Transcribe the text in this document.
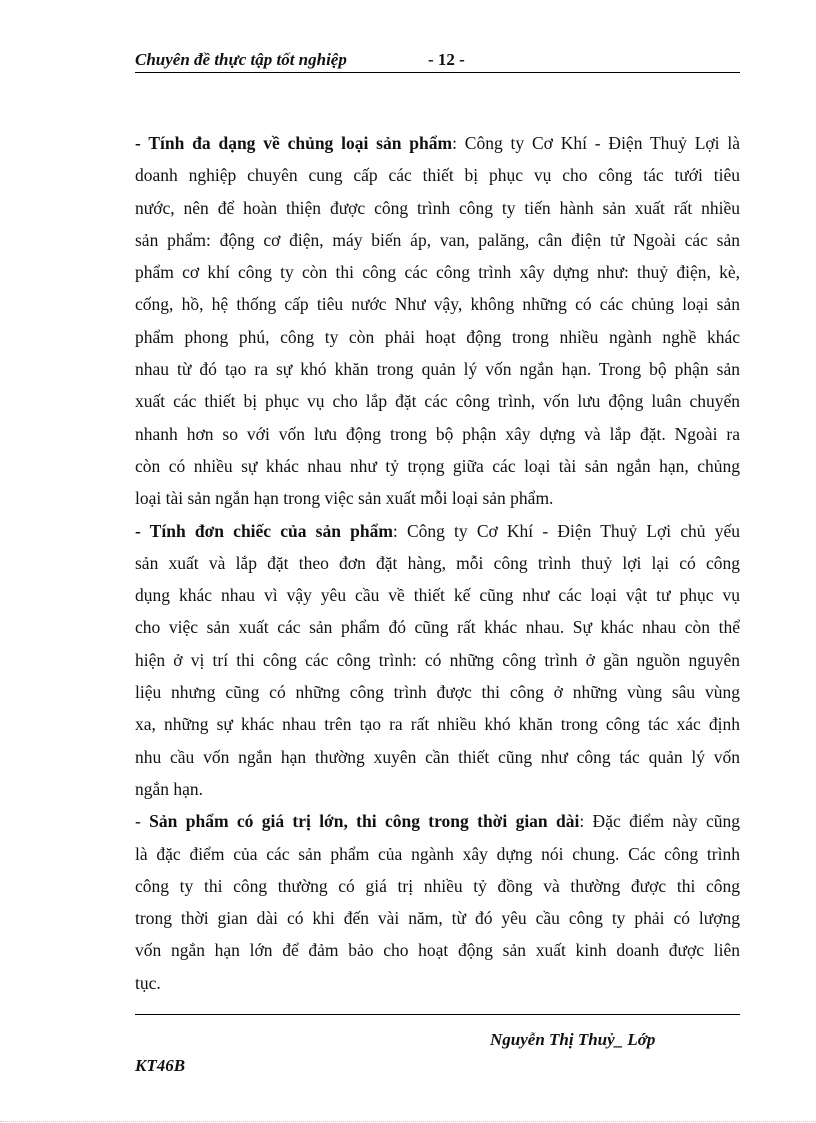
Chuyên đề thực tập tốt nghiệp	- 12 -
- Tính đa dạng về chủng loại sản phẩm: Công ty Cơ Khí - Điện Thuỷ Lợi là
doanh nghiệp chuyên cung cấp các thiết bị phục vụ cho công tác tưới tiêu
nước, nên để hoàn thiện được công trình công ty tiến hành sản xuất rất nhiều
sản phẩm: động cơ điện, máy biến áp, van, palăng, cân điện tử Ngoài các sản
phẩm cơ khí công ty còn thi công các công trình xây dựng như: thuỷ điện, kè,
cống, hồ, hệ thống cấp tiêu nước Như vậy, không những có các chủng loại sản
phẩm phong phú, công ty còn phải hoạt động trong nhiều ngành nghề khác
nhau từ đó tạo ra sự khó khăn trong quản lý vốn ngắn hạn. Trong bộ phận sản
xuất các thiết bị phục vụ cho lắp đặt các công trình, vốn lưu động luân chuyển
nhanh hơn so với vốn lưu động trong bộ phận xây dựng và lắp đặt. Ngoài ra
còn có nhiều sự khác nhau như tỷ trọng giữa các loại tài sản ngắn hạn, chủng
loại tài sản ngắn hạn trong việc sản xuất mỗi loại sản phẩm.
- Tính đơn chiếc của sản phẩm: Công ty Cơ Khí - Điện Thuỷ Lợi chủ yếu
sản xuất và lắp đặt theo đơn đặt hàng, mỗi công trình thuỷ lợi lại có công
dụng khác nhau vì vậy yêu cầu về thiết kế cũng như các loại vật tư phục vụ
cho việc sản xuất các sản phẩm đó cũng rất khác nhau. Sự khác nhau còn thể
hiện ở vị trí thi công các công trình: có những công trình ở gần nguồn nguyên
liệu nhưng cũng có những công trình được thi công ở những vùng sâu vùng
xa, những sự khác nhau trên tạo ra rất nhiều khó khăn trong công tác xác định
nhu cầu vốn ngắn hạn thường xuyên cần thiết cũng như công tác quản lý vốn
ngắn hạn.
- Sản phẩm có giá trị lớn, thi công trong thời gian dài: Đặc điểm này cũng
là đặc điểm của các sản phẩm của ngành xây dựng nói chung. Các công trình
công ty thi công thường có giá trị nhiều tỷ đồng và thường được thi công
trong thời gian dài có khi đến vài năm, từ đó yêu cầu công ty phải có lượng
vốn ngắn hạn lớn để đảm bảo cho hoạt động sản xuất kinh doanh được liên
tục.
Nguyễn Thị Thuỷ_ Lớp
KT46B
